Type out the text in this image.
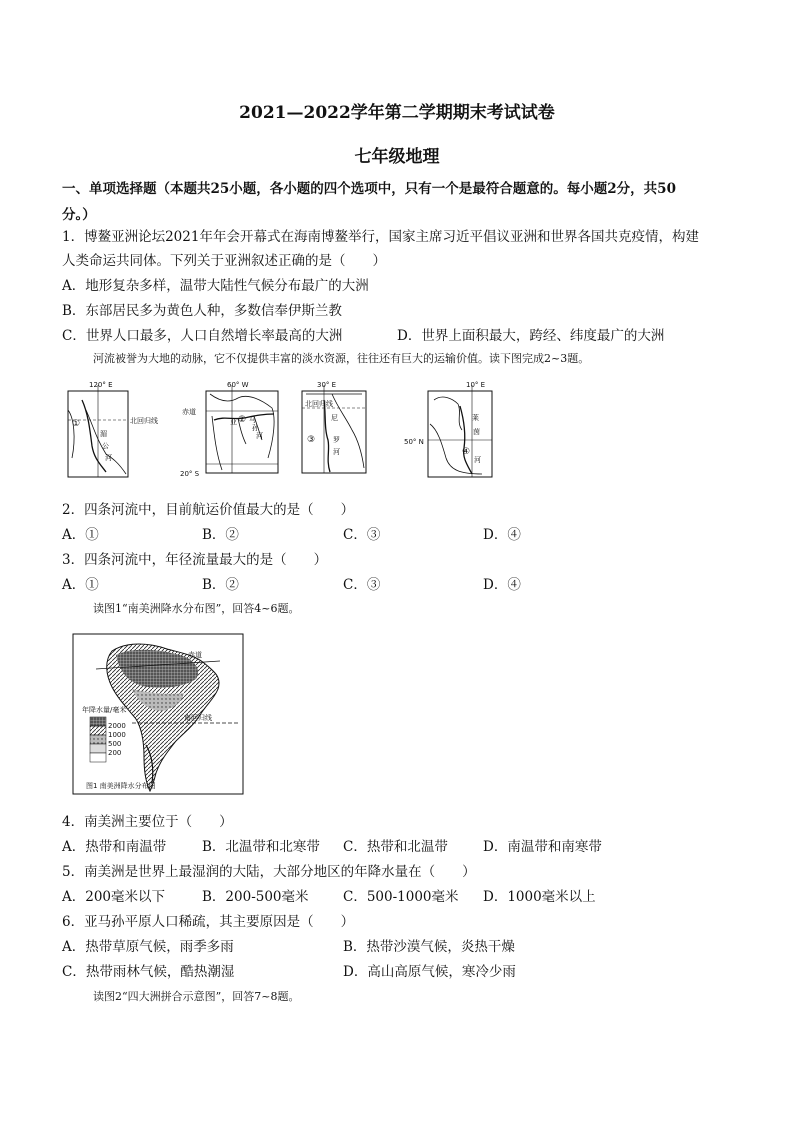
2021—2022学年第二学期期末考试试卷
七年级地理
一、单项选择题（本题共25小题，各小题的四个选项中，只有一个是最符合题意的。每小题2分，共50
分。）
1．博鳌亚洲论坛2021年年会开幕式在海南博鳌举行，国家主席习近平倡议亚洲和世界各国共克疫情，构建
人类命运共同体。下列关于亚洲叙述正确的是（　　）
A．地形复杂多样，温带大陆性气候分布最广的大洲
B．东部居民多为黄色人种，多数信奉伊斯兰教
C．世界人口最多，人口自然增长率最高的大洲	D．世界上面积最大，跨经、纬度最广的大洲
河流被誉为大地的动脉，它不仅提供丰富的淡水资源，往往还有巨大的运输价值。读下图完成2~3题。
120° E
北回归线
①
湄
公
河
60° W
赤道
20° S
②
亚 马
孙
河
30° E
北回归线
③
尼
罗
河
10° E
50° N
④
莱
茵
河
2．四条河流中，目前航运价值最大的是（　　）
A．①	B．②	C．③	D．④
3．四条河流中，年径流量最大的是（　　）
A．①	B．②	C．③	D．④
读图1“南美洲降水分布图”，回答4~6题。
赤道
南回归线
年降水量/毫米
2000
1000
500
200
图1 南美洲降水分布图
4．南美洲主要位于（　　）
A．热带和南温带	B．北温带和北寒带 C．热带和北温带	D．南温带和南寒带
5．南美洲是世界上最湿润的大陆，大部分地区的年降水量在（　　）
A．200毫米以下	B．200-500毫米	C．500-1000毫米 D．1000毫米以上
6．亚马孙平原人口稀疏，其主要原因是（　　）
A．热带草原气候，雨季多雨	B．热带沙漠气候，炎热干燥
C．热带雨林气候，酷热潮湿	D．高山高原气候，寒冷少雨
读图2“四大洲拼合示意图”，回答7~8题。
